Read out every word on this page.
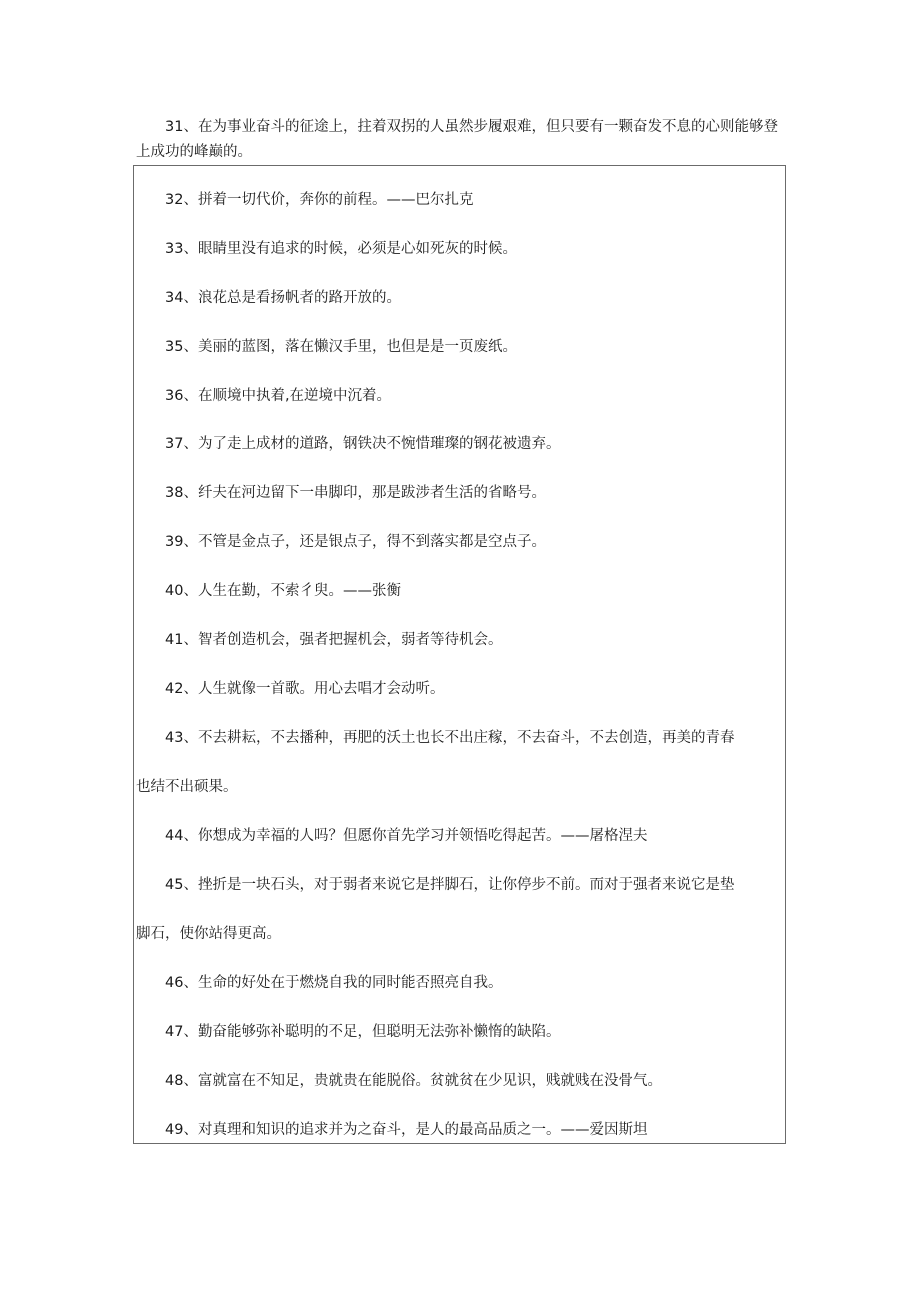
31、在为事业奋斗的征途上，拄着双拐的人虽然步履艰难，但只要有一颗奋发不息的心则能够登上成功的峰巅的。
32、拼着一切代价，奔你的前程。——巴尔扎克
33、眼睛里没有追求的时候，必须是心如死灰的时候。
34、浪花总是看扬帆者的路开放的。
35、美丽的蓝图，落在懒汉手里，也但是是一页废纸。
36、在顺境中执着,在逆境中沉着。
37、为了走上成材的道路，钢铁决不惋惜璀璨的钢花被遗弃。
38、纤夫在河边留下一串脚印，那是跋涉者生活的省略号。
39、不管是金点子，还是银点子，得不到落实都是空点子。
40、人生在勤，不索彳臾。——张衡
41、智者创造机会，强者把握机会，弱者等待机会。
42、人生就像一首歌。用心去唱才会动听。
43、不去耕耘，不去播种，再肥的沃土也长不出庄稼，不去奋斗，不去创造，再美的青春
也结不出硕果。
44、你想成为幸福的人吗？但愿你首先学习并领悟吃得起苦。——屠格涅夫
45、挫折是一块石头，对于弱者来说它是拌脚石，让你停步不前。而对于强者来说它是垫
脚石，使你站得更高。
46、生命的好处在于燃烧自我的同时能否照亮自我。
47、勤奋能够弥补聪明的不足，但聪明无法弥补懒惰的缺陷。
48、富就富在不知足，贵就贵在能脱俗。贫就贫在少见识，贱就贱在没骨气。
49、对真理和知识的追求并为之奋斗，是人的最高品质之一。——爱因斯坦
